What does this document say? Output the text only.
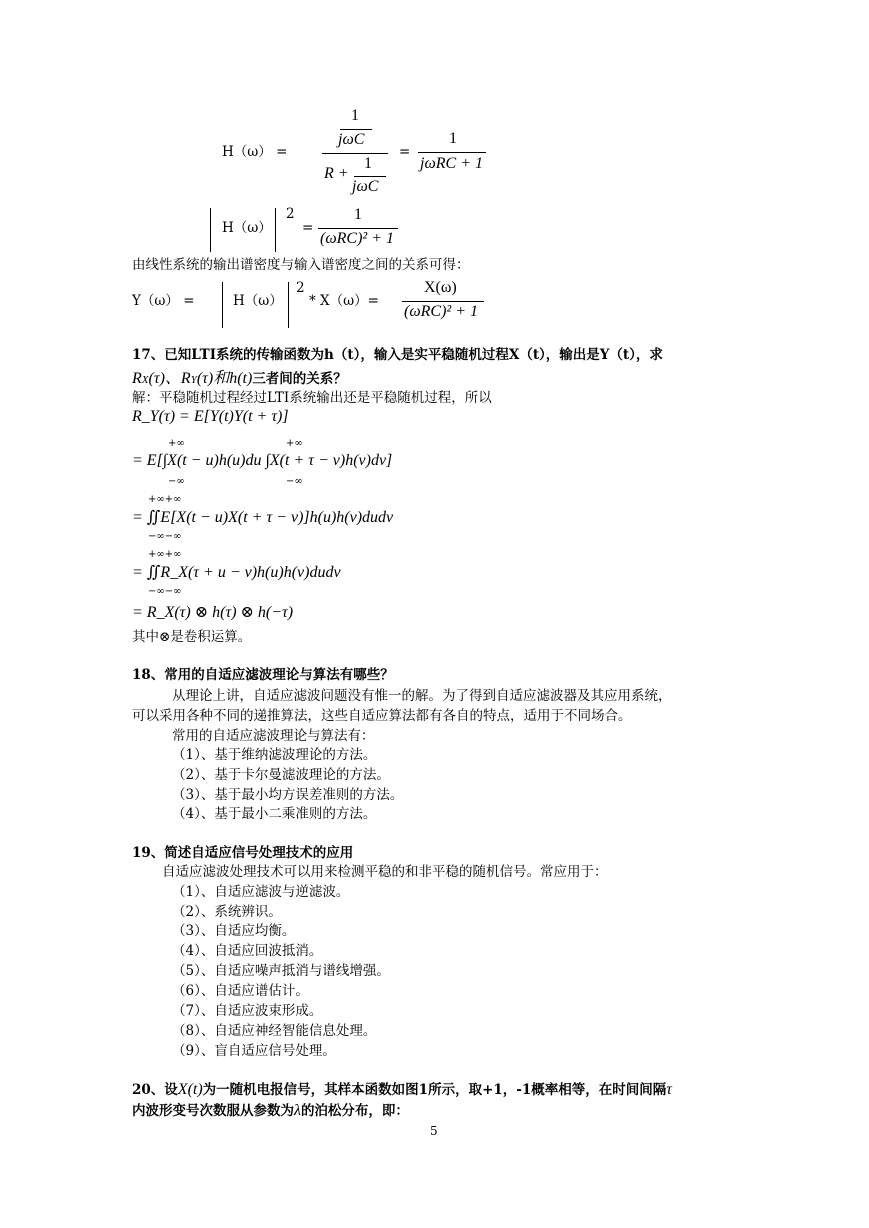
H（ω） =
1
jωC
R +
1
jωC
=
1
jωRC + 1
H（ω）
2
=
1
(ωRC)² + 1
由线性系统的输出谱密度与输入谱密度之间的关系可得：
Y（ω） =	H（ω）
2
* X（ω）=
X(ω)
(ωRC)² + 1
17、已知LTI系统的传输函数为h（t），输入是实平稳随机过程X（t），输出是Y（t），求
RX(τ)、RY(τ)和h(t)三者间的关系？
解：平稳随机过程经过LTI系统输出还是平稳随机过程，所以
R_Y(τ) = E[Y(t)Y(t + τ)]
+∞	+∞
= E[∫X(t − u)h(u)du ∫X(t + τ − v)h(v)dv]
−∞	−∞
+∞+∞
= ∬E[X(t − u)X(t + τ − v)]h(u)h(v)dudv
−∞−∞
+∞+∞
= ∬R_X(τ + u − v)h(u)h(v)dudv
−∞−∞
= R_X(τ) ⊗ h(τ) ⊗ h(−τ)
其中⊗是卷积运算。
18、常用的自适应滤波理论与算法有哪些？
从理论上讲，自适应滤波问题没有惟一的解。为了得到自适应滤波器及其应用系统，
可以采用各种不同的递推算法，这些自适应算法都有各自的特点，适用于不同场合。
常用的自适应滤波理论与算法有：
（1）、基于维纳滤波理论的方法。
（2）、基于卡尔曼滤波理论的方法。
（3）、基于最小均方误差准则的方法。
（4）、基于最小二乘准则的方法。
19、简述自适应信号处理技术的应用
自适应滤波处理技术可以用来检测平稳的和非平稳的随机信号。常应用于：
（1）、自适应滤波与逆滤波。
（2）、系统辨识。
（3）、自适应均衡。
（4）、自适应回波抵消。
（5）、自适应噪声抵消与谱线增强。
（6）、自适应谱估计。
（7）、自适应波束形成。
（8）、自适应神经智能信息处理。
（9）、盲自适应信号处理。
20、设X(t)为一随机电报信号，其样本函数如图1所示，取+1，-1概率相等，在时间间隔τ
内波形变号次数服从参数为λ的泊松分布，即：
5
